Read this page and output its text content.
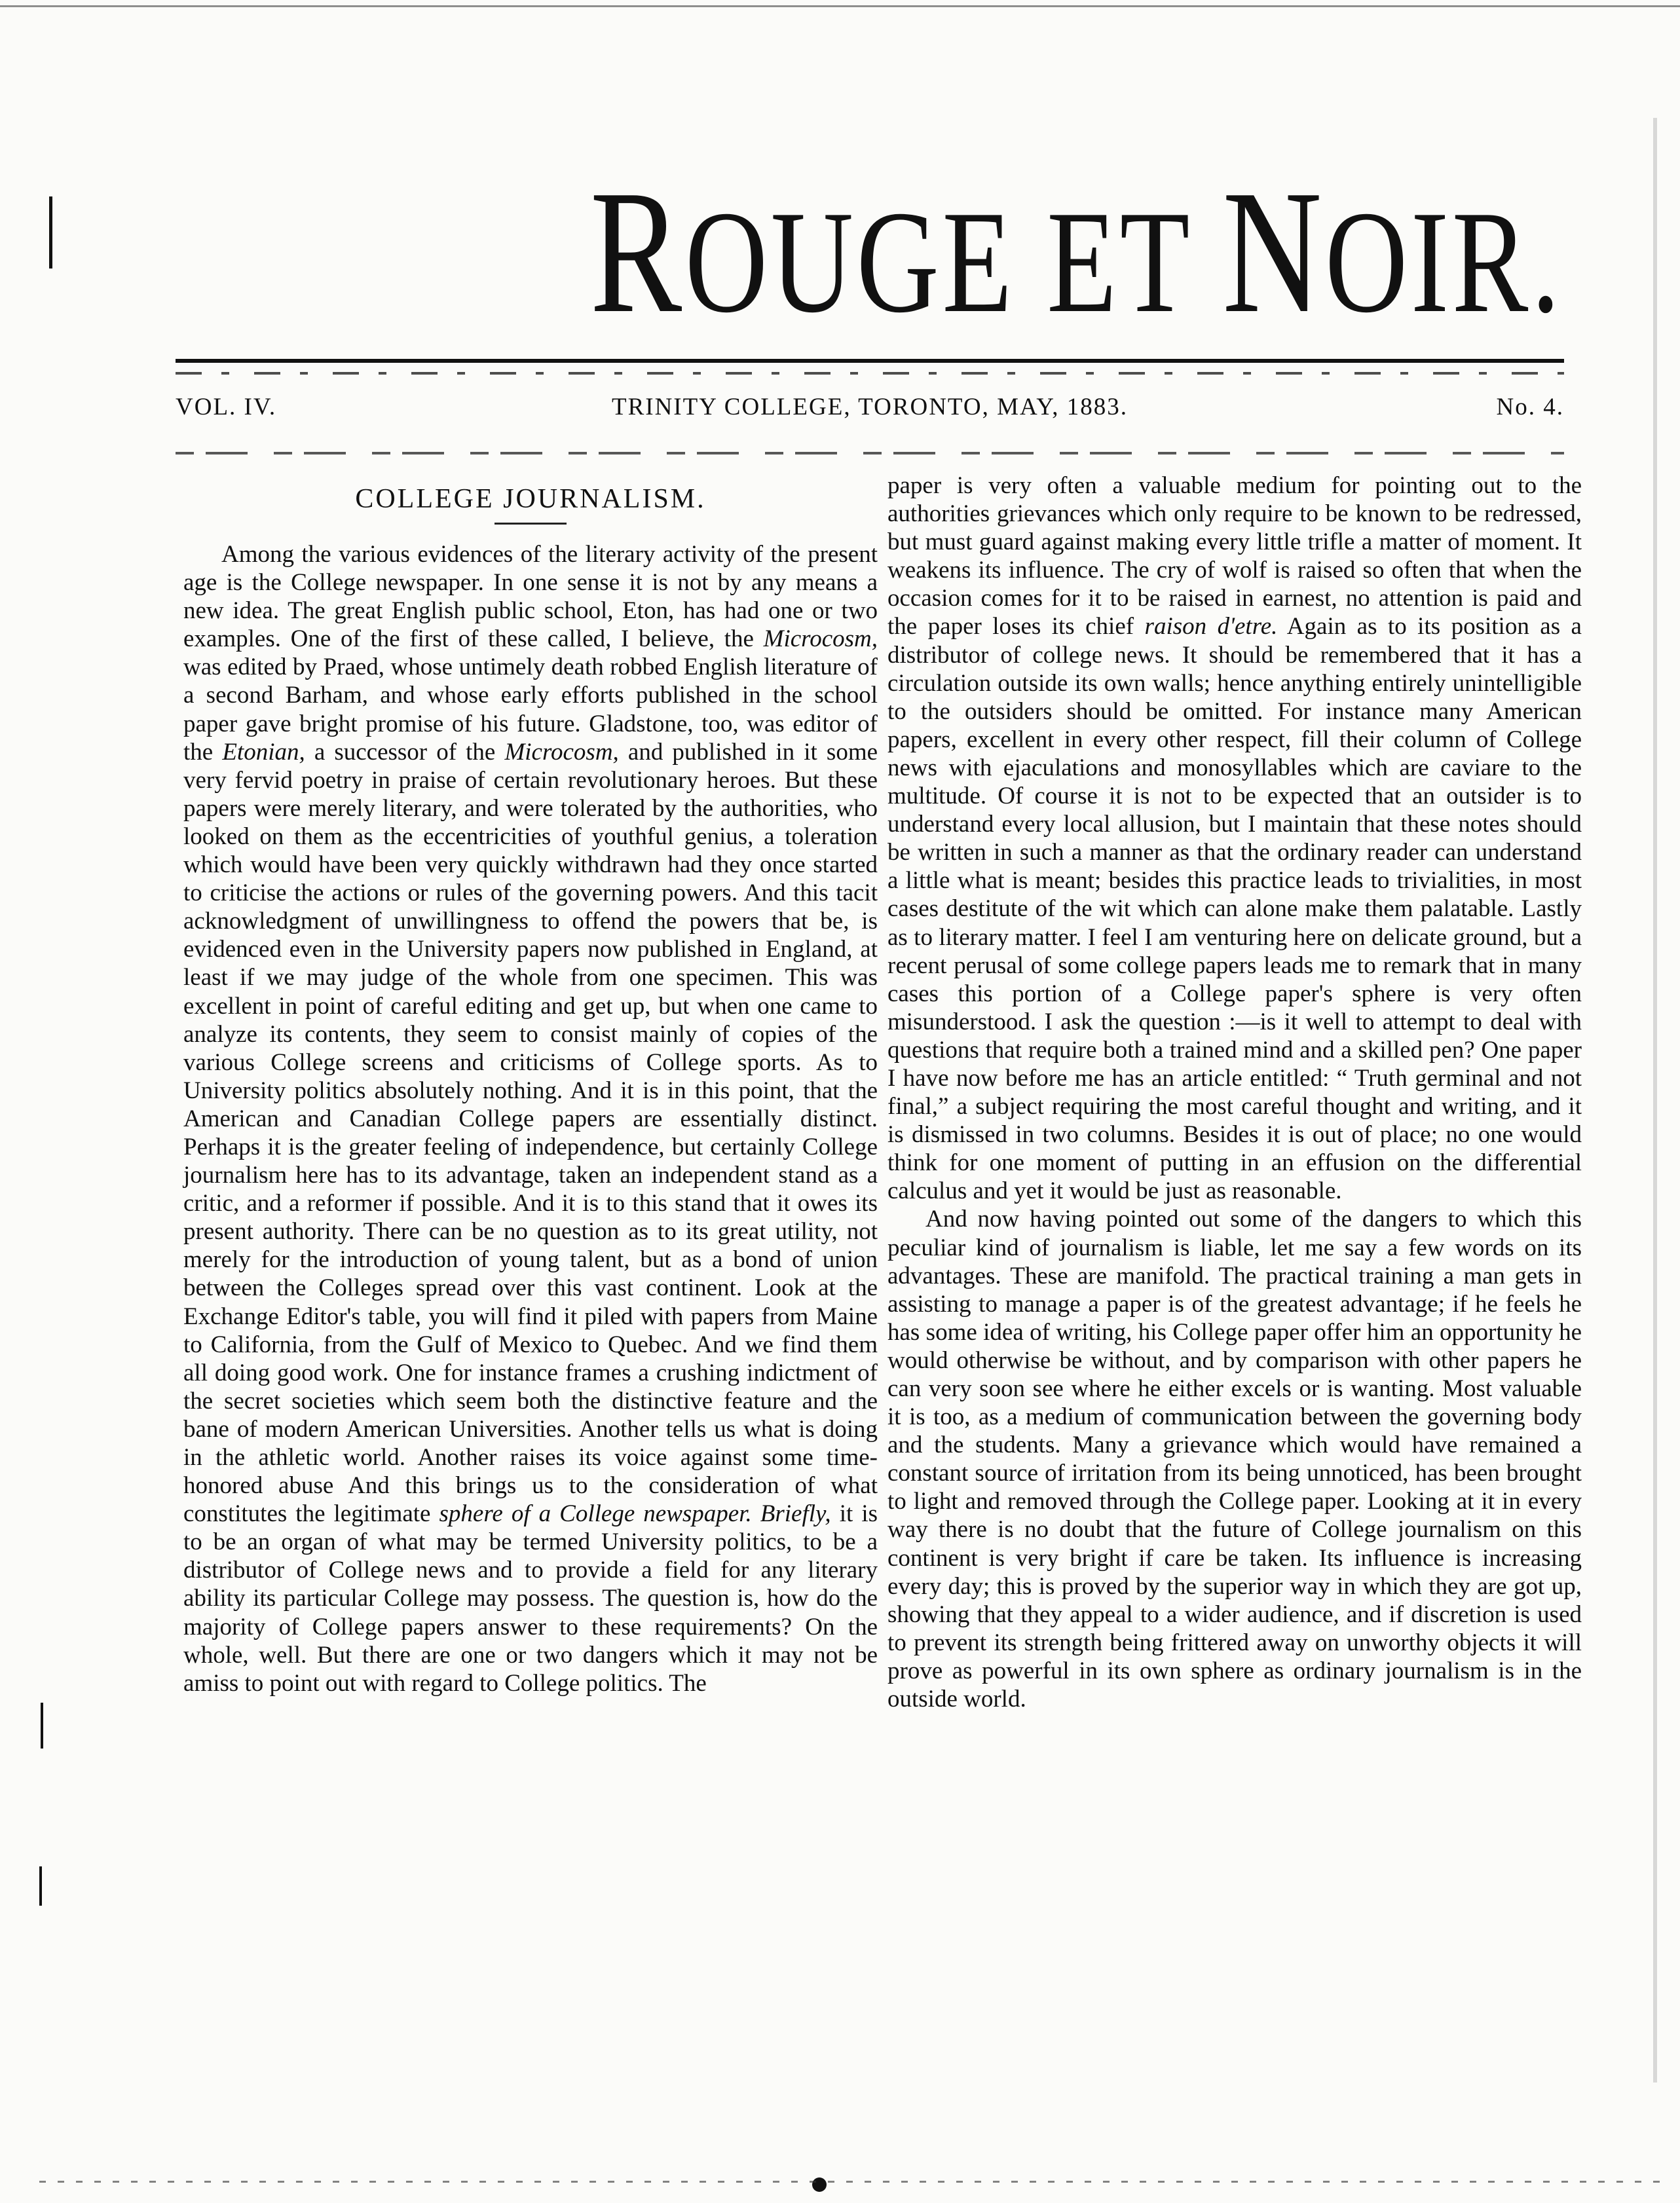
ROUGE ET NOIR.
VOL. IV.	TRINITY COLLEGE, TORONTO, MAY, 1883.	No. 4.
COLLEGE JOURNALISM.

Among the various evidences of the literary activity of the present age is the College newspaper. In one sense it is not by any means a new idea. The great English public school, Eton, has had one or two examples. One of the first of these called, I believe, the Microcosm, was edited by Praed, whose untimely death robbed English literature of a second Barham, and whose early efforts published in the school paper gave bright promise of his future. Gladstone, too, was editor of the Etonian, a successor of the Microcosm, and published in it some very fervid poetry in praise of certain revolutionary heroes. But these papers were merely literary, and were tolerated by the authorities, who looked on them as the eccentricities of youthful genius, a toleration which would have been very quickly withdrawn had they once started to criticise the actions or rules of the governing powers. And this tacit acknowledgment of unwillingness to offend the powers that be, is evidenced even in the University papers now published in England, at least if we may judge of the whole from one specimen. This was excellent in point of careful editing and get up, but when one came to analyze its contents, they seem to consist mainly of copies of the various College screens and criticisms of College sports. As to University politics absolutely nothing. And it is in this point, that the American and Canadian College papers are essentially distinct. Perhaps it is the greater feeling of independence, but certainly College journalism here has to its advantage, taken an independent stand as a critic, and a reformer if possible. And it is to this stand that it owes its present authority. There can be no question as to its great utility, not merely for the introduction of young talent, but as a bond of union between the Colleges spread over this vast continent. Look at the Exchange Editor's table, you will find it piled with papers from Maine to California, from the Gulf of Mexico to Quebec. And we find them all doing good work. One for instance frames a crushing indictment of the secret societies which seem both the distinctive feature and the bane of modern American Universities. Another tells us what is doing in the athletic world. Another raises its voice against some time-honored abuse And this brings us to the consideration of what constitutes the legitimate sphere of a College newspaper. Briefly, it is to be an organ of what may be termed University politics, to be a distributor of College news and to provide a field for any literary ability its particular College may possess. The question is, how do the majority of College papers answer to these requirements? On the whole, well. But there are one or two dangers which it may not be amiss to point out with regard to College politics. The

paper is very often a valuable medium for pointing out to the authorities grievances which only require to be known to be redressed, but must guard against making every little trifle a matter of moment. It weakens its influence. The cry of wolf is raised so often that when the occasion comes for it to be raised in earnest, no attention is paid and the paper loses its chief raison d'etre. Again as to its position as a distributor of college news. It should be remembered that it has a circulation outside its own walls; hence anything entirely unintelligible to the outsiders should be omitted. For instance many American papers, excellent in every other respect, fill their column of College news with ejaculations and monosyllables which are caviare to the multitude. Of course it is not to be expected that an outsider is to understand every local allusion, but I maintain that these notes should be written in such a manner as that the ordinary reader can understand a little what is meant; besides this practice leads to trivialities, in most cases destitute of the wit which can alone make them palatable. Lastly as to literary matter. I feel I am venturing here on delicate ground, but a recent perusal of some college papers leads me to remark that in many cases this portion of a College paper's sphere is very often misunderstood. I ask the question :—is it well to attempt to deal with questions that require both a trained mind and a skilled pen? One paper I have now before me has an article entitled: “ Truth germinal and not final,” a subject requiring the most careful thought and writing, and it is dismissed in two columns. Besides it is out of place; no one would think for one moment of putting in an effusion on the differential calculus and yet it would be just as reasonable.

And now having pointed out some of the dangers to which this peculiar kind of journalism is liable, let me say a few words on its advantages. These are manifold. The practical training a man gets in assisting to manage a paper is of the greatest advantage; if he feels he has some idea of writing, his College paper offer him an opportunity he would otherwise be without, and by comparison with other papers he can very soon see where he either excels or is wanting. Most valuable it is too, as a medium of communication between the governing body and the students. Many a grievance which would have remained a constant source of irritation from its being unnoticed, has been brought to light and removed through the College paper. Looking at it in every way there is no doubt that the future of College journalism on this continent is very bright if care be taken. Its influence is increasing every day; this is proved by the superior way in which they are got up, showing that they appeal to a wider audience, and if discretion is used to prevent its strength being frittered away on unworthy objects it will prove as powerful in its own sphere as ordinary journalism is in the outside world.
